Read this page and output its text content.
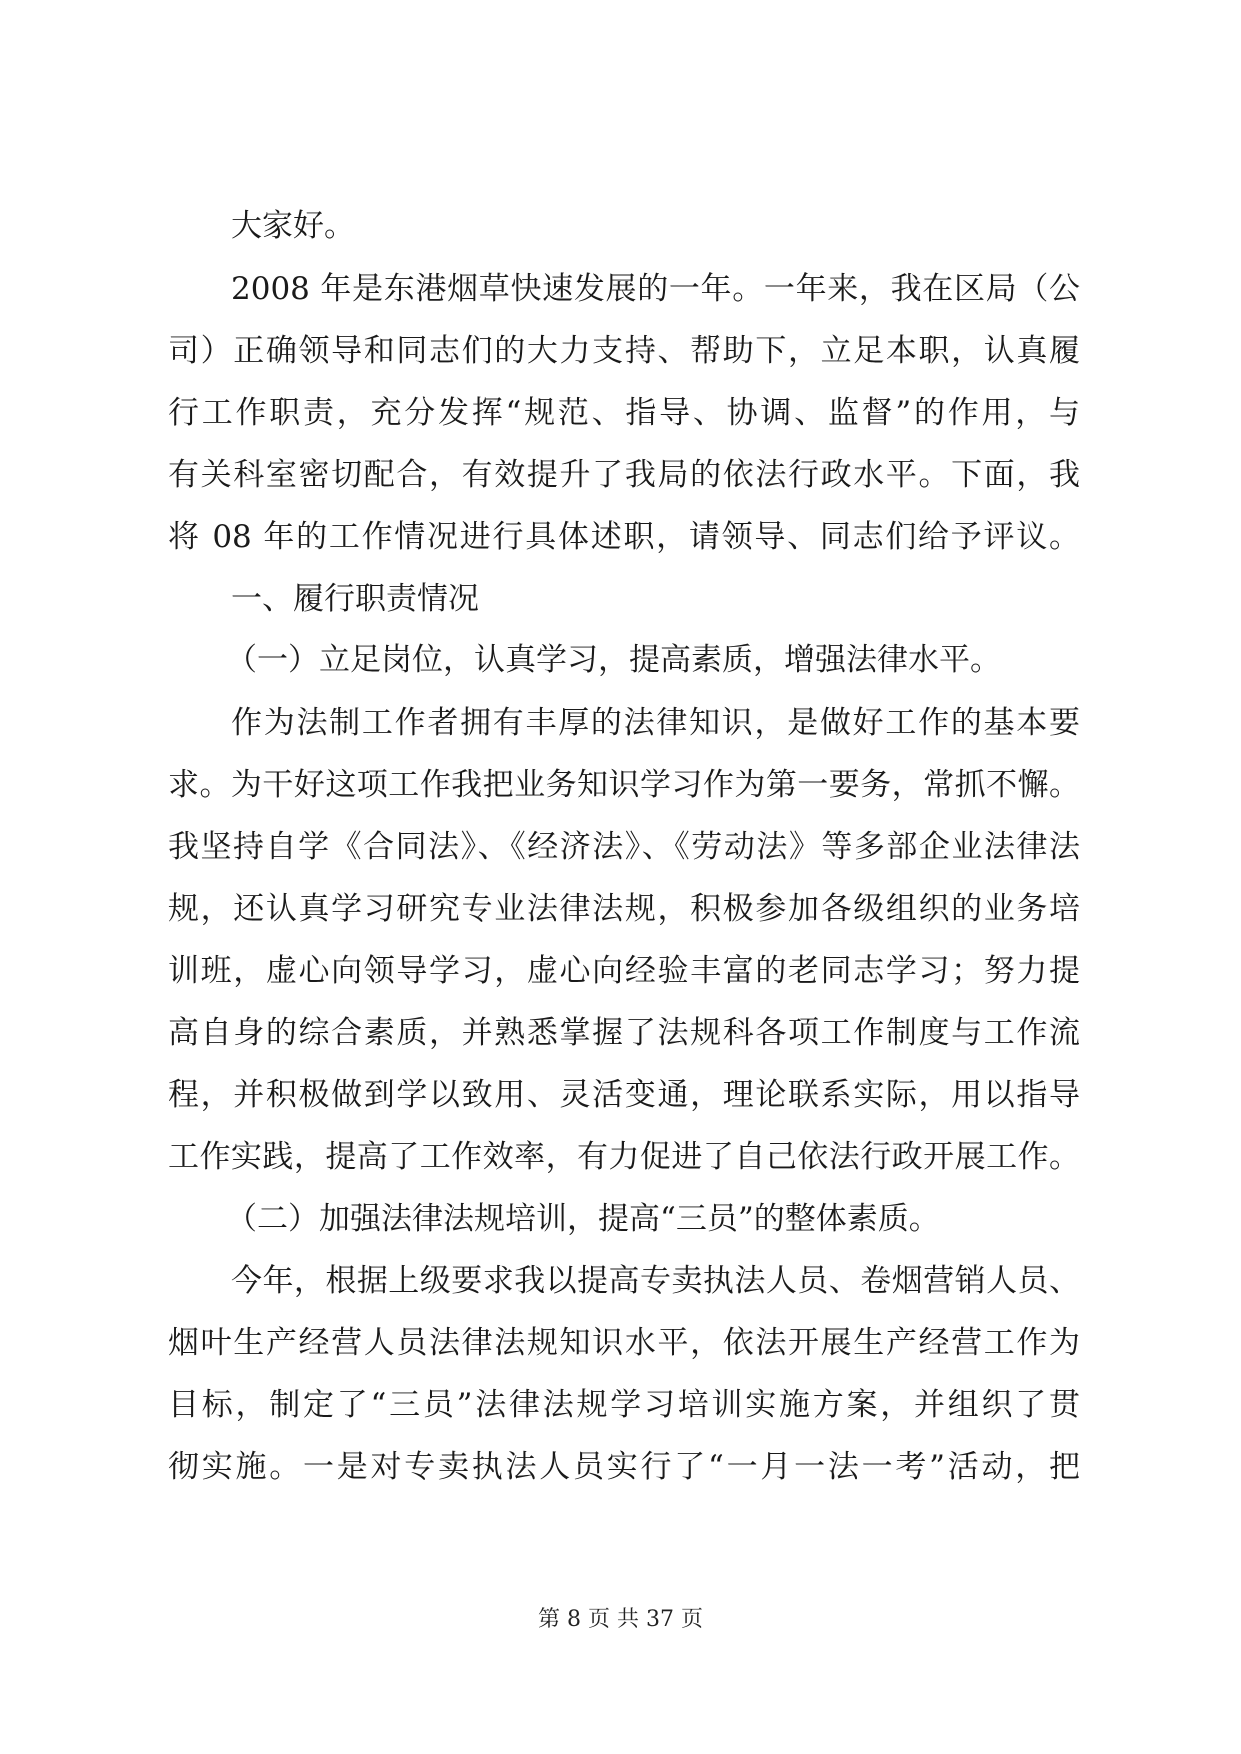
大家好。
2008 年是东港烟草快速发展的一年。一年来，我在区局（公
司）正确领导和同志们的大力支持、帮助下，立足本职，认真履
行工作职责，充分发挥“规范、指导、协调、监督”的作用，与
有关科室密切配合，有效提升了我局的依法行政水平。下面，我
将 08 年的工作情况进行具体述职，请领导、同志们给予评议。
一、履行职责情况
（一）立足岗位，认真学习，提高素质，增强法律水平。
作为法制工作者拥有丰厚的法律知识，是做好工作的基本要
求。为干好这项工作我把业务知识学习作为第一要务，常抓不懈。
我坚持自学《合同法》、《经济法》、《劳动法》等多部企业法律法
规，还认真学习研究专业法律法规，积极参加各级组织的业务培
训班，虚心向领导学习，虚心向经验丰富的老同志学习；努力提
高自身的综合素质，并熟悉掌握了法规科各项工作制度与工作流
程，并积极做到学以致用、灵活变通，理论联系实际，用以指导
工作实践，提高了工作效率，有力促进了自己依法行政开展工作。
（二）加强法律法规培训，提高“三员”的整体素质。
今年，根据上级要求我以提高专卖执法人员、卷烟营销人员、
烟叶生产经营人员法律法规知识水平，依法开展生产经营工作为
目标，制定了“三员”法律法规学习培训实施方案，并组织了贯
彻实施。一是对专卖执法人员实行了“一月一法一考”活动，把
第 8 页 共 37 页
